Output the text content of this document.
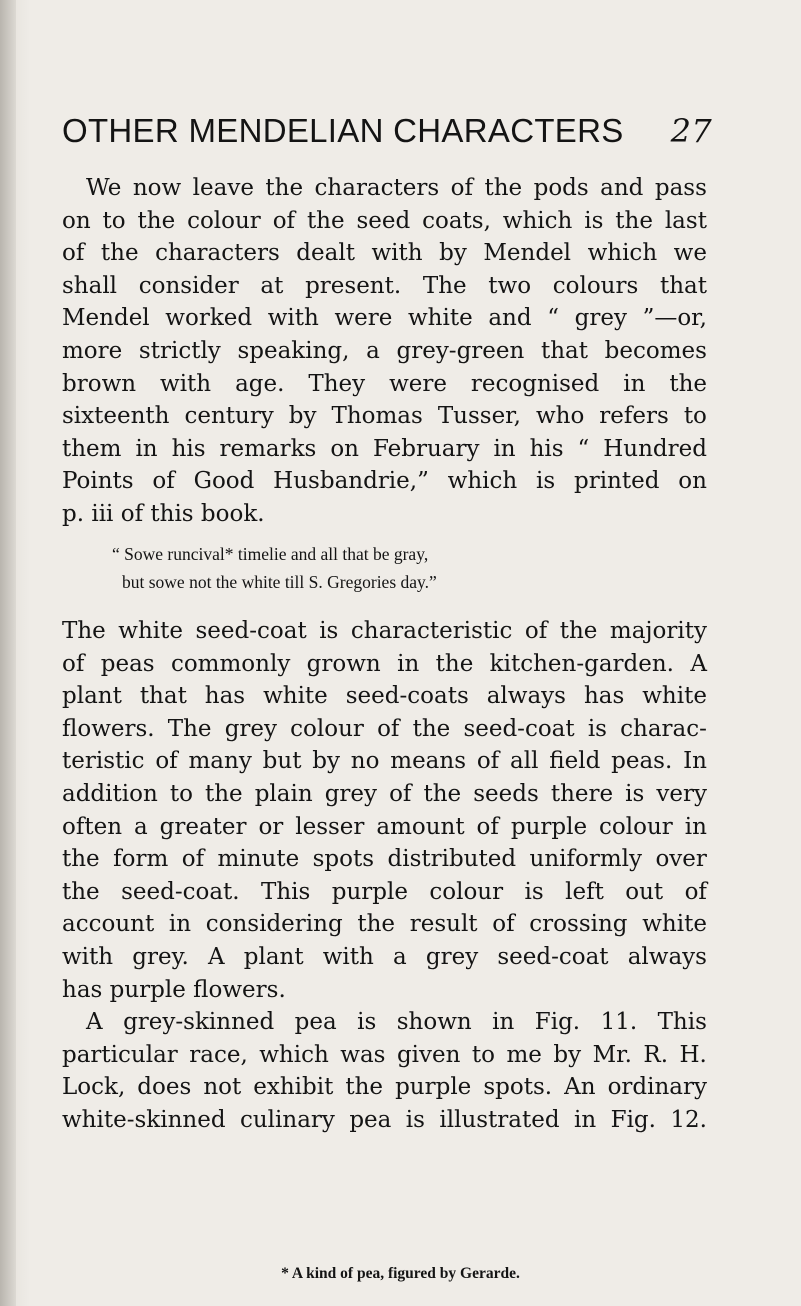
OTHER MENDELIAN CHARACTERS 27
We now leave the characters of the pods and pass
on to the colour of the seed coats, which is the last
of the characters dealt with by Mendel which we
shall consider at present. The two colours that
Mendel worked with were white and “ grey ”—or,
more strictly speaking, a grey-green that becomes
brown with age. They were recognised in the
sixteenth century by Thomas Tusser, who refers to
them in his remarks on February in his “ Hundred
Points of Good Husbandrie,” which is printed on
p. iii of this book.
“ Sowe runcival* timelie and all that be gray,
but sowe not the white till S. Gregories day.”
The white seed-coat is characteristic of the majority
of peas commonly grown in the kitchen-garden. A
plant that has white seed-coats always has white
flowers. The grey colour of the seed-coat is charac-
teristic of many but by no means of all field peas. In
addition to the plain grey of the seeds there is very
often a greater or lesser amount of purple colour in
the form of minute spots distributed uniformly over
the seed-coat. This purple colour is left out of
account in considering the result of crossing white
with grey. A plant with a grey seed-coat always
has purple flowers.
A grey-skinned pea is shown in Fig. 11. This
particular race, which was given to me by Mr. R. H.
Lock, does not exhibit the purple spots. An ordinary
white-skinned culinary pea is illustrated in Fig. 12.
* A kind of pea, figured by Gerarde.
